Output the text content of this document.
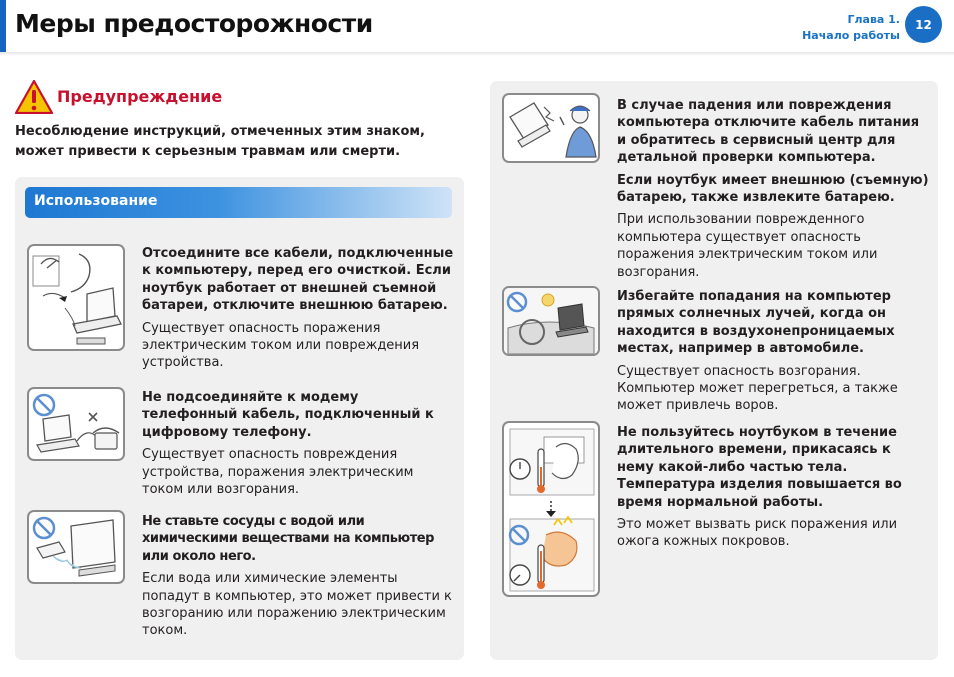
Меры предосторожности	Глава 1.
Начало работы
12
Предупреждение
Несоблюдение инструкций, отмеченных этим знаком, может привести к серьезным травмам или смерти.
Использование
Отсоедините все кабели, подключенные к компьютеру, перед его очисткой. Если ноутбук работает от внешней съемной батареи, отключите внешнюю батарею.
Существует опасность поражения электрическим током или повреждения устройства.
Не подсоединяйте к модему телефонный кабель, подключенный к цифровому телефону.
Существует опасность повреждения устройства, поражения электрическим током или возгорания.
Не ставьте сосуды с водой или химическими веществами на компьютер или около него.
Если вода или химические элементы попадут в компьютер, это может привести к возгоранию или поражению электрическим током.
В случае падения или повреждения компьютера отключите кабель питания и обратитесь в сервисный центр для детальной проверки компьютера.
Если ноутбук имеет внешнюю (съемную) батарею, также извлеките батарею.
При использовании поврежденного компьютера существует опасность поражения электрическим током или возгорания.
Избегайте попадания на компьютер прямых солнечных лучей, когда он находится в воздухонепроницаемых местах, например в автомобиле.
Существует опасность возгорания. Компьютер может перегреться, а также может привлечь воров.
Не пользуйтесь ноутбуком в течение длительного времени, прикасаясь к нему какой-либо частью тела. Температура изделия повышается во время нормальной работы.
Это может вызвать риск поражения или ожога кожных покровов.
